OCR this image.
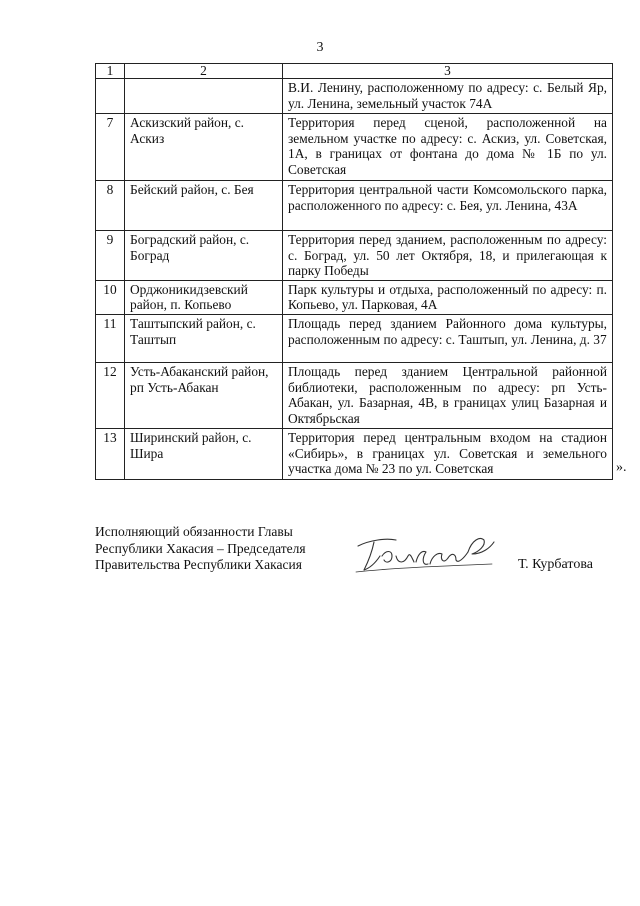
3
1	2	3
		В.И. Ленину, расположенному по адресу: с. Белый Яр, ул. Ленина, земельный участок 74А
7	Аскизский район, с. Аскиз	Территория перед сценой, расположенной на земельном участке по адресу: с. Аскиз, ул. Советская, 1А, в границах от фонтана до дома № 1Б по ул. Советская
8	Бейский район, с. Бея	Территория центральной части Комсомольского парка, расположенного по адресу: с. Бея, ул. Ленина, 43А
9	Боградский район, с. Боград	Территория перед зданием, расположенным по адресу: с. Боград, ул. 50 лет Октября, 18, и прилегающая к парку Победы
10	Орджоникидзевский район, п. Копьево	Парк культуры и отдыха, расположенный по адресу: п. Копьево, ул. Парковая, 4А
11	Таштыпский район, с. Таштып	Площадь перед зданием Районного дома культуры, расположенным по адресу: с. Таштып, ул. Ленина, д. 37
12	Усть-Абаканский район, рп Усть-Абакан	Площадь перед зданием Центральной районной библиотеки, расположенным по адресу: рп Усть-Абакан, ул. Базарная, 4В, в границах улиц Базарная и Октябрьская
13	Ширинский район, с. Шира	Территория перед центральным входом на стадион «Сибирь», в границах ул. Советская и земельного участка дома № 23 по ул. Советская	».
Исполняющий обязанности Главы
Республики Хакасия – Председателя
Правительства Республики Хакасия	Т. Курбатова
